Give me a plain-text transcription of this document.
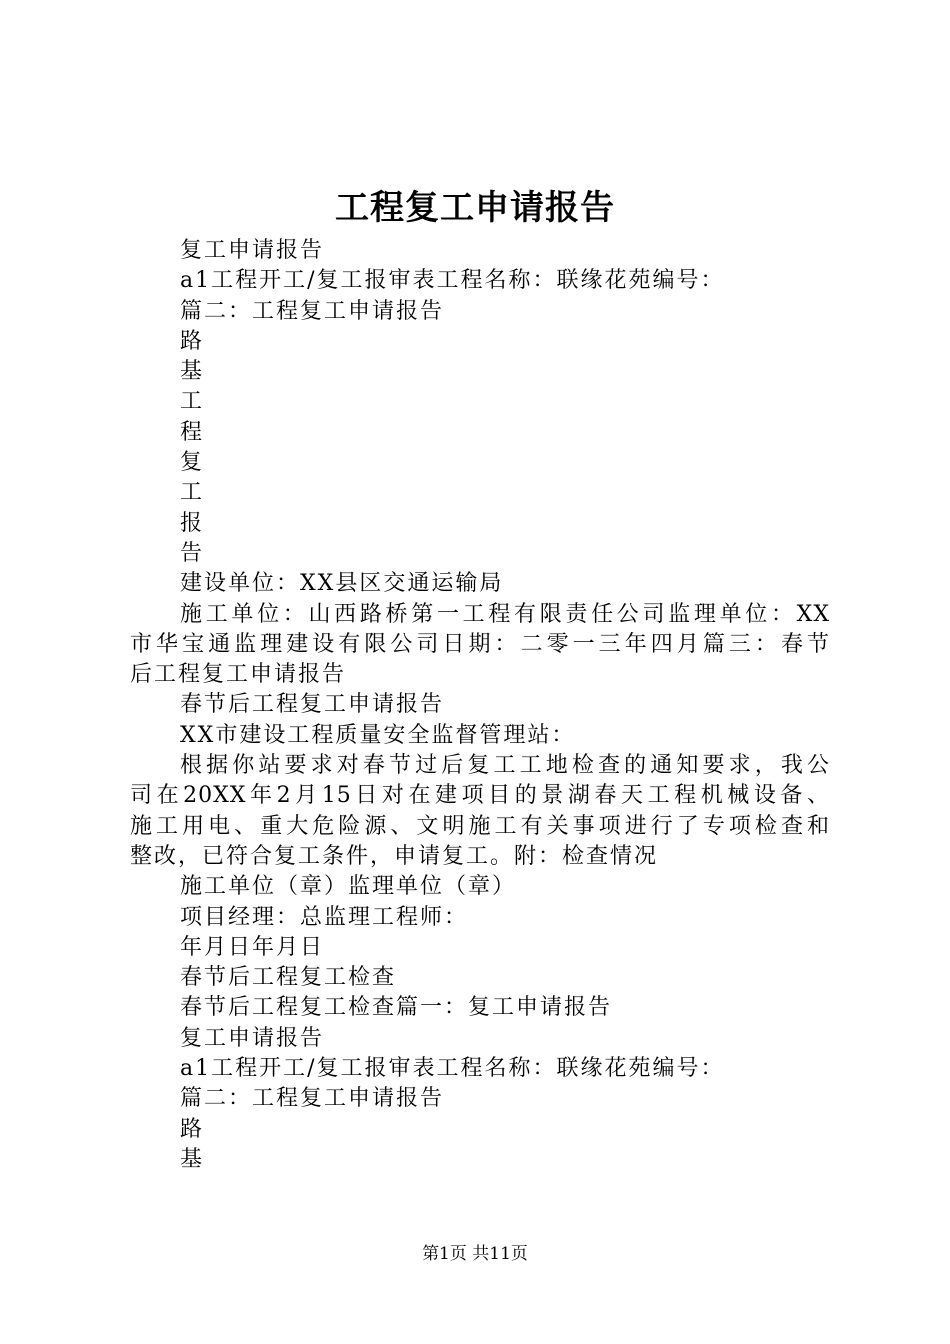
工程复工申请报告
复工申请报告
a1工程开工/复工报审表工程名称：联缘花苑编号：
篇二：工程复工申请报告
路
基
工
程
复
工
报
告
建设单位：XX县区交通运输局
施工单位：山西路桥第一工程有限责任公司监理单位：XX
市华宝通监理建设有限公司日期：二零一三年四月篇三：春节
后工程复工申请报告
春节后工程复工申请报告
XX市建设工程质量安全监督管理站：
根据你站要求对春节过后复工工地检查的通知要求，我公
司在20XX年2月15日对在建项目的景湖春天工程机械设备、
施工用电、重大危险源、文明施工有关事项进行了专项检查和
整改，已符合复工条件，申请复工。附：检查情况
施工单位（章）监理单位（章）
项目经理：总监理工程师：
年月日年月日
春节后工程复工检查
春节后工程复工检查篇一：复工申请报告
复工申请报告
a1工程开工/复工报审表工程名称：联缘花苑编号：
篇二：工程复工申请报告
路
基
第1页 共11页
